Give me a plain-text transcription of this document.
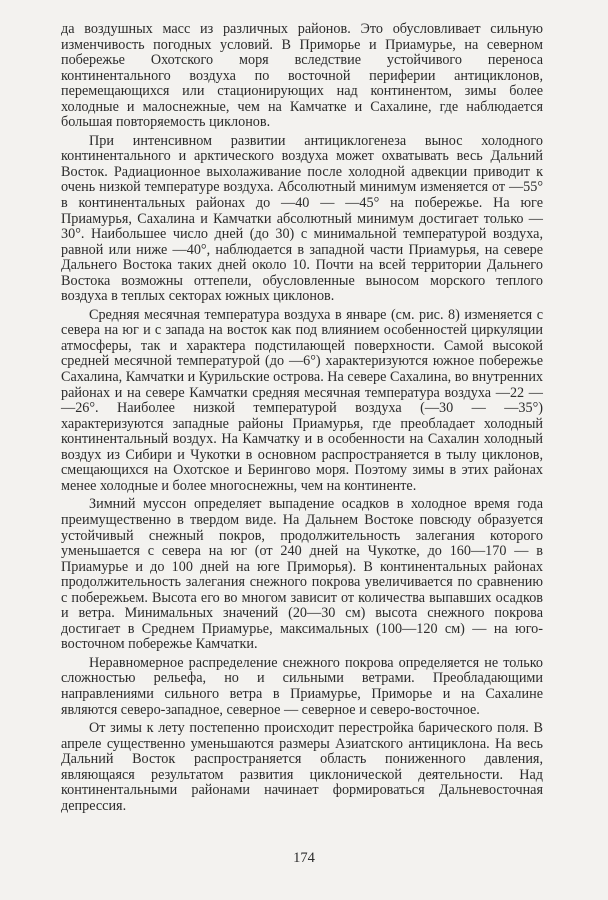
да воздушных масс из различных районов. Это обусловливает сильную изменчивость погодных условий. В Приморье и Приамурье, на северном побережье Охотского моря вследствие устойчивого переноса континентального воздуха по восточной периферии антициклонов, перемещающихся или стационирующих над континентом, зимы более холодные и малоснежные, чем на Камчатке и Сахалине, где наблюдается большая повторяемость циклонов.

При интенсивном развитии антициклогенеза вынос холодного континентального и арктического воздуха может охватывать весь Дальний Восток. Радиационное выхолаживание после холодной адвекции приводит к очень низкой температуре воздуха. Абсолютный минимум изменяется от —55° в континентальных районах до —40 — —45° на побережье. На юге Приамурья, Сахалина и Камчатки абсолютный минимум достигает только —30°. Наибольшее число дней (до 30) с минимальной температурой воздуха, равной или ниже —40°, наблюдается в западной части Приамурья, на севере Дальнего Востока таких дней около 10. Почти на всей территории Дальнего Востока возможны оттепели, обусловленные выносом морского теплого воздуха в теплых секторах южных циклонов.

Средняя месячная температура воздуха в январе (см. рис. 8) изменяется с севера на юг и с запада на восток как под влиянием особенностей циркуляции атмосферы, так и характера подстилающей поверхности. Самой высокой средней месячной температурой (до —6°) характеризуются южное побережье Сахалина, Камчатки и Курильские острова. На севере Сахалина, во внутренних районах и на севере Камчатки средняя месячная температура воздуха —22 — —26°. Наиболее низкой температурой воздуха (—30 — —35°) характеризуются западные районы Приамурья, где преобладает холодный континентальный воздух. На Камчатку и в особенности на Сахалин холодный воздух из Сибири и Чукотки в основном распространяется в тылу циклонов, смещающихся на Охотское и Берингово моря. Поэтому зимы в этих районах менее холодные и более многоснежны, чем на континенте.

Зимний муссон определяет выпадение осадков в холодное время года преимущественно в твердом виде. На Дальнем Востоке повсюду образуется устойчивый снежный покров, продолжительность залегания которого уменьшается с севера на юг (от 240 дней на Чукотке, до 160—170 — в Приамурье и до 100 дней на юге Приморья). В континентальных районах продолжительность залегания снежного покрова увеличивается по сравнению с побережьем. Высота его во многом зависит от количества выпавших осадков и ветра. Минимальных значений (20—30 см) высота снежного покрова достигает в Среднем Приамурье, максимальных (100—120 см) — на юго-восточном побережье Камчатки.

Неравномерное распределение снежного покрова определяется не только сложностью рельефа, но и сильными ветрами. Преобладающими направлениями сильного ветра в Приамурье, Приморье и на Сахалине являются северо-западное, северное — северное и северо-восточное.

От зимы к лету постепенно происходит перестройка барического поля. В апреле существенно уменьшаются размеры Азиатского антициклона. На весь Дальний Восток распространяется область пониженного давления, являющаяся результатом развития циклонической деятельности. Над континентальными районами начинает формироваться Дальневосточная депрессия.

174
